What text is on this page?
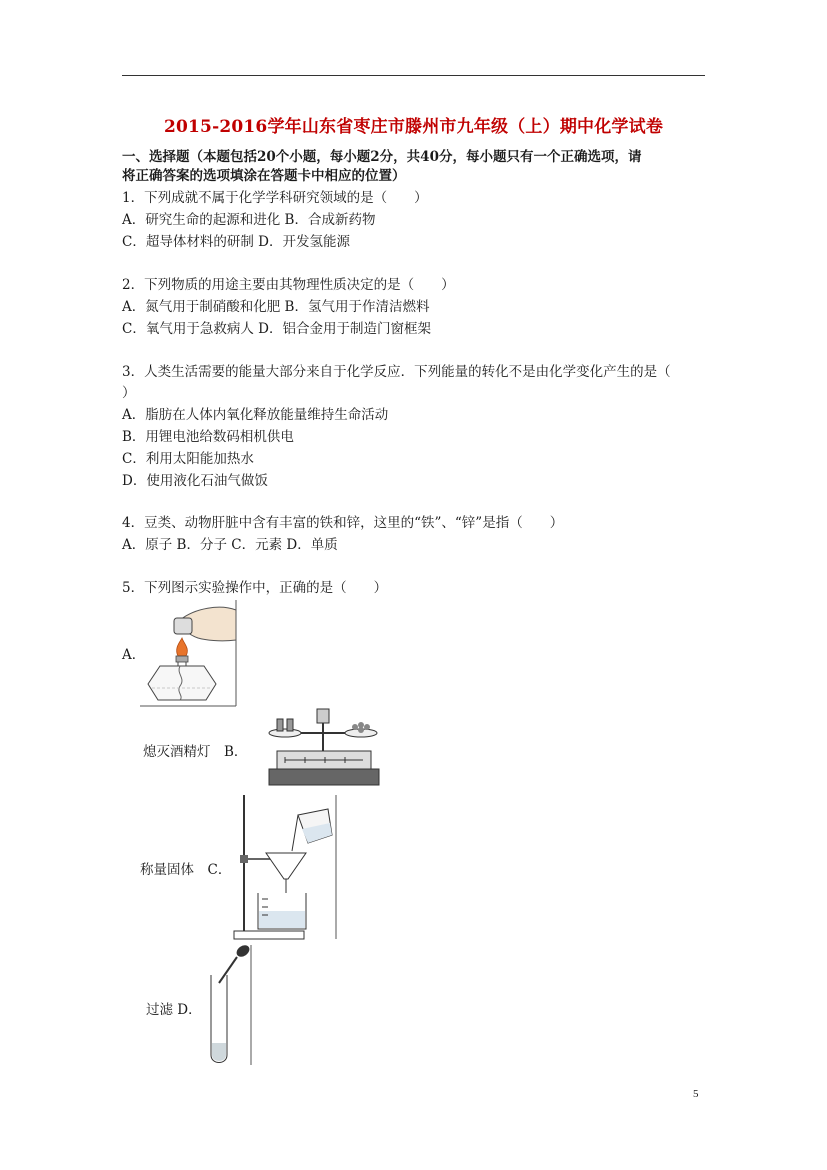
2015-2016学年山东省枣庄市滕州市九年级（上）期中化学试卷
一、选择题（本题包括20个小题，每小题2分，共40分，每小题只有一个正确选项，请
将正确答案的选项填涂在答题卡中相应的位置）
1．下列成就不属于化学学科研究领域的是（　　）
A．研究生命的起源和进化 B．合成新药物
C．超导体材料的研制 D．开发氢能源
2．下列物质的用途主要由其物理性质决定的是（　　）
A．氮气用于制硝酸和化肥 B．氢气用于作清洁燃料
C．氧气用于急救病人 D．铝合金用于制造门窗框架
3．人类生活需要的能量大部分来自于化学反应．下列能量的转化不是由化学变化产生的是（
）
A．脂肪在人体内氧化释放能量维持生命活动
B．用锂电池给数码相机供电
C．利用太阳能加热水
D．使用液化石油气做饭
4．豆类、动物肝脏中含有丰富的铁和锌，这里的“铁”、“锌”是指（　　）
A．原子 B．分子 C．元素 D．单质
5．下列图示实验操作中，正确的是（　　）
A．
熄灭酒精灯　B．
称量固体　C．
过滤 D．
5
